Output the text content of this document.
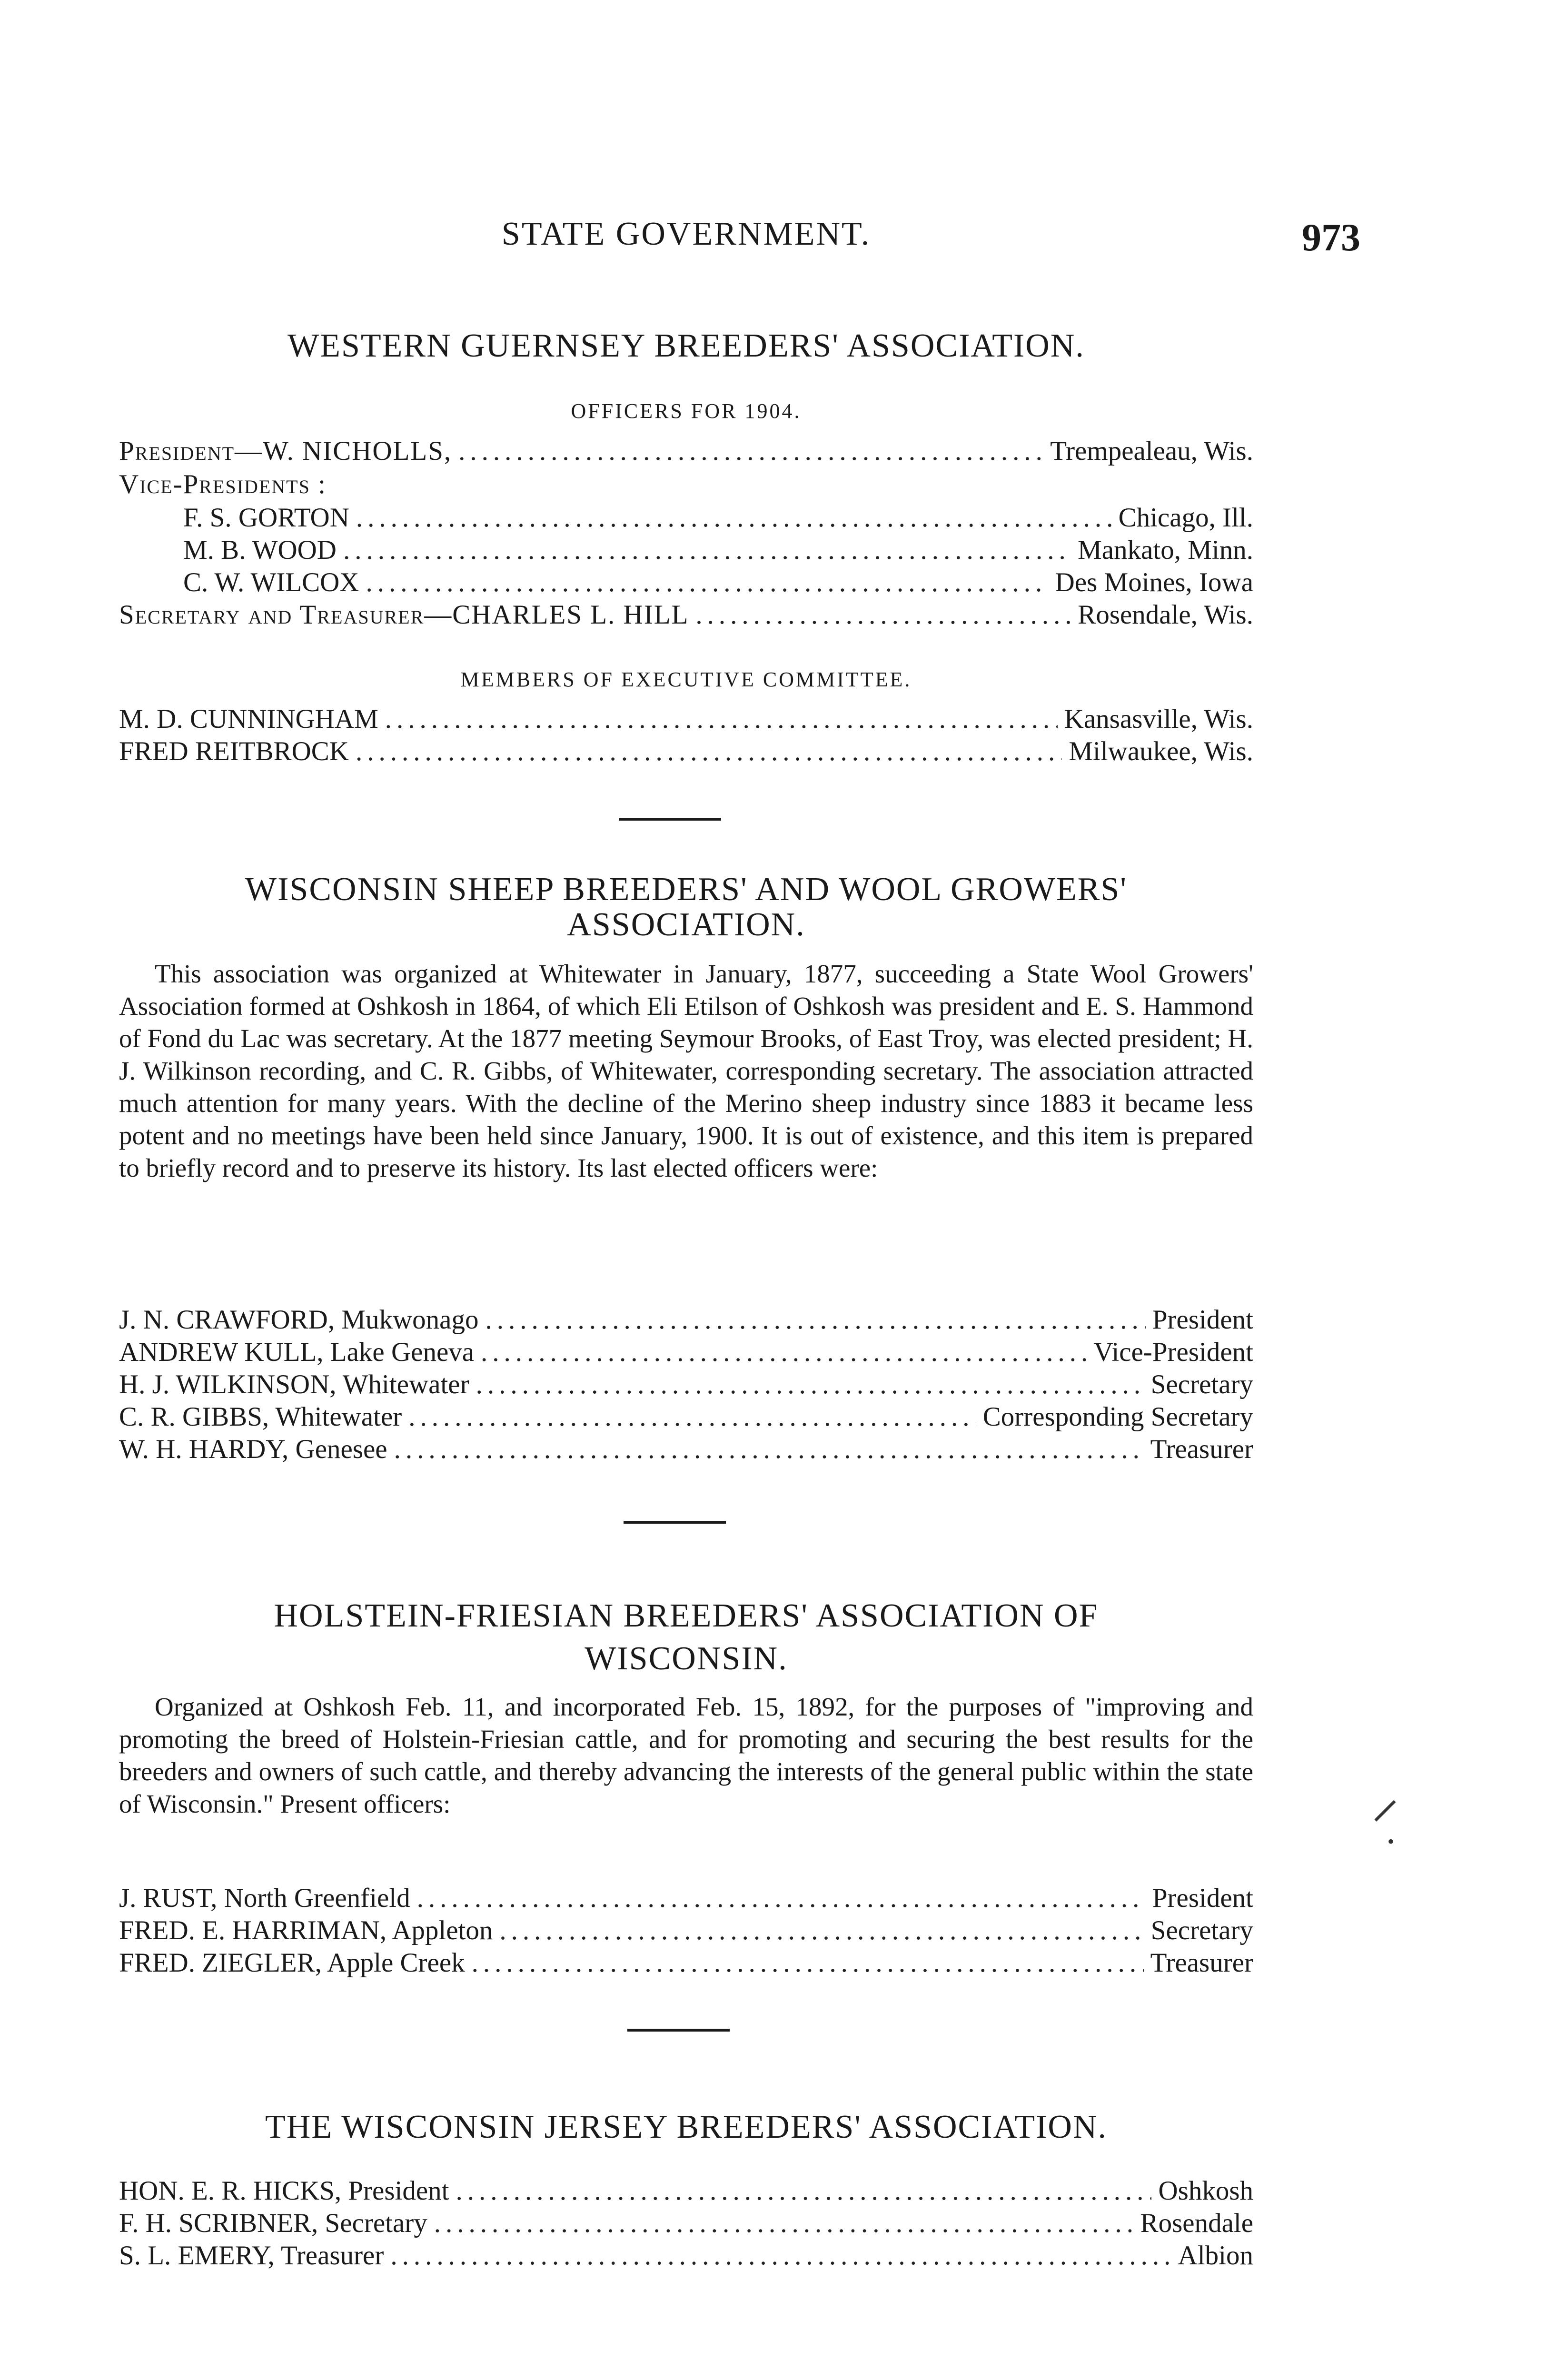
STATE GOVERNMENT.	973
WESTERN GUERNSEY BREEDERS' ASSOCIATION.
OFFICERS FOR 1904.
President—W. NICHOLLS, .....	Trempealeau, Wis.
Vice-Presidents :
F. S. GORTON .....	Chicago, Ill.
M. B. WOOD .....	Mankato, Minn.
C. W. WILCOX .....	Des Moines, Iowa
Secretary and Treasurer—CHARLES L. HILL .....	Rosendale, Wis.
MEMBERS OF EXECUTIVE COMMITTEE.
M. D. CUNNINGHAM .....	Kansasville, Wis.
FRED REITBROCK .....	Milwaukee, Wis.
WISCONSIN SHEEP BREEDERS' AND WOOL GROWERS'
ASSOCIATION.
This association was organized at Whitewater in January, 1877, succeeding a State Wool Growers' Association formed at Oshkosh in 1864, of which Eli Etilson of Oshkosh was president and E. S. Hammond of Fond du Lac was secretary. At the 1877 meeting Seymour Brooks, of East Troy, was elected president; H. J. Wilkinson recording, and C. R. Gibbs, of Whitewater, corresponding secretary. The association attracted much attention for many years. With the decline of the Merino sheep industry since 1883 it became less potent and no meetings have been held since January, 1900. It is out of existence, and this item is prepared to briefly record and to preserve its history. Its last elected officers were:
J. N. CRAWFORD, Mukwonago .....	President
ANDREW KULL, Lake Geneva .....	Vice-President
H. J. WILKINSON, Whitewater .....	Secretary
C. R. GIBBS, Whitewater .....	Corresponding Secretary
W. H. HARDY, Genesee .....	Treasurer
HOLSTEIN-FRIESIAN BREEDERS' ASSOCIATION OF
WISCONSIN.
Organized at Oshkosh Feb. 11, and incorporated Feb. 15, 1892, for the purposes of "improving and promoting the breed of Holstein-Friesian cattle, and for promoting and securing the best results for the breeders and owners of such cattle, and thereby advancing the interests of the general public within the state of Wisconsin." Present officers:
J. RUST, North Greenfield .....	President
FRED. E. HARRIMAN, Appleton .....	Secretary
FRED. ZIEGLER, Apple Creek .....	Treasurer
THE WISCONSIN JERSEY BREEDERS' ASSOCIATION.
HON. E. R. HICKS, President .....	Oshkosh
F. H. SCRIBNER, Secretary .....	Rosendale
S. L. EMERY, Treasurer .....	Albion
⸝
•
